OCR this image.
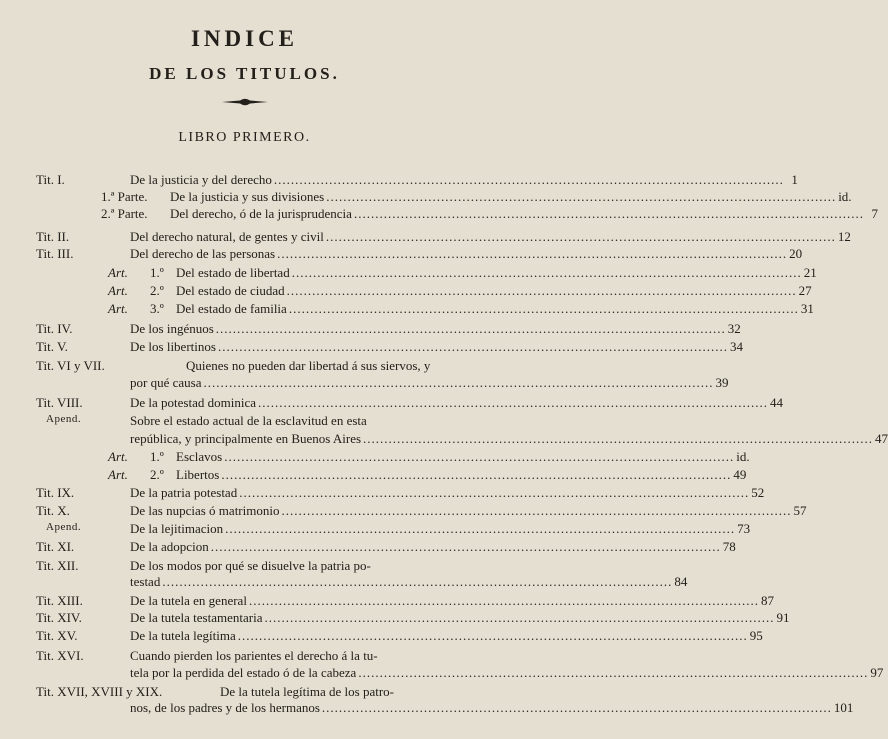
INDICE
DE LOS TITULOS.
LIBRO PRIMERO.
Tit. I.	De la justicia y del derecho ........................................................................................................................ 1
1.ª Parte. De la justicia y sus divisiones ........................................................................................................................ id.
2.ª Parte. Del derecho, ó de la jurisprudencia ........................................................................................................................ 7
Tit. II.	Del derecho natural, de gentes y civil ........................................................................................................................ 12
Tit. III.	Del derecho de las personas ........................................................................................................................ 20
Art. 1.º Del estado de libertad ........................................................................................................................ 21
Art. 2.º Del estado de ciudad ........................................................................................................................ 27
Art. 3.º Del estado de familia ........................................................................................................................ 31
Tit. IV.	De los ingénuos ........................................................................................................................ 32
Tit. V.	De los libertinos ........................................................................................................................ 34
Tit. VI y VII.	Quienes no pueden dar libertad á sus siervos, y
por qué causa ........................................................................................................................ 39
Tit. VIII.	De la potestad dominica ........................................................................................................................ 44
Apend.	Sobre el estado actual de la esclavitud en esta
república, y principalmente en Buenos Aires ........................................................................................................................ 47
Art. 1.º Esclavos ........................................................................................................................ id.
Art. 2.º Libertos ........................................................................................................................ 49
Tit. IX.	De la patria potestad ........................................................................................................................ 52
Tit. X.	De las nupcias ó matrimonio ........................................................................................................................ 57
Apend.	De la lejitimacion ........................................................................................................................ 73
Tit. XI.	De la adopcion ........................................................................................................................ 78
Tit. XII.	De los modos por qué se disuelve la patria po-
testad ........................................................................................................................ 84
Tit. XIII.	De la tutela en general ........................................................................................................................ 87
Tit. XIV.	De la tutela testamentaria ........................................................................................................................ 91
Tit. XV.	De la tutela legítima ........................................................................................................................ 95
Tit. XVI.	Cuando pierden los parientes el derecho á la tu-
tela por la perdida del estado ó de la cabeza ........................................................................................................................ 97
Tit. XVII, XVIII y XIX.	De la tutela legítima de los patro-
nos, de los padres y de los hermanos ........................................................................................................................ 101
